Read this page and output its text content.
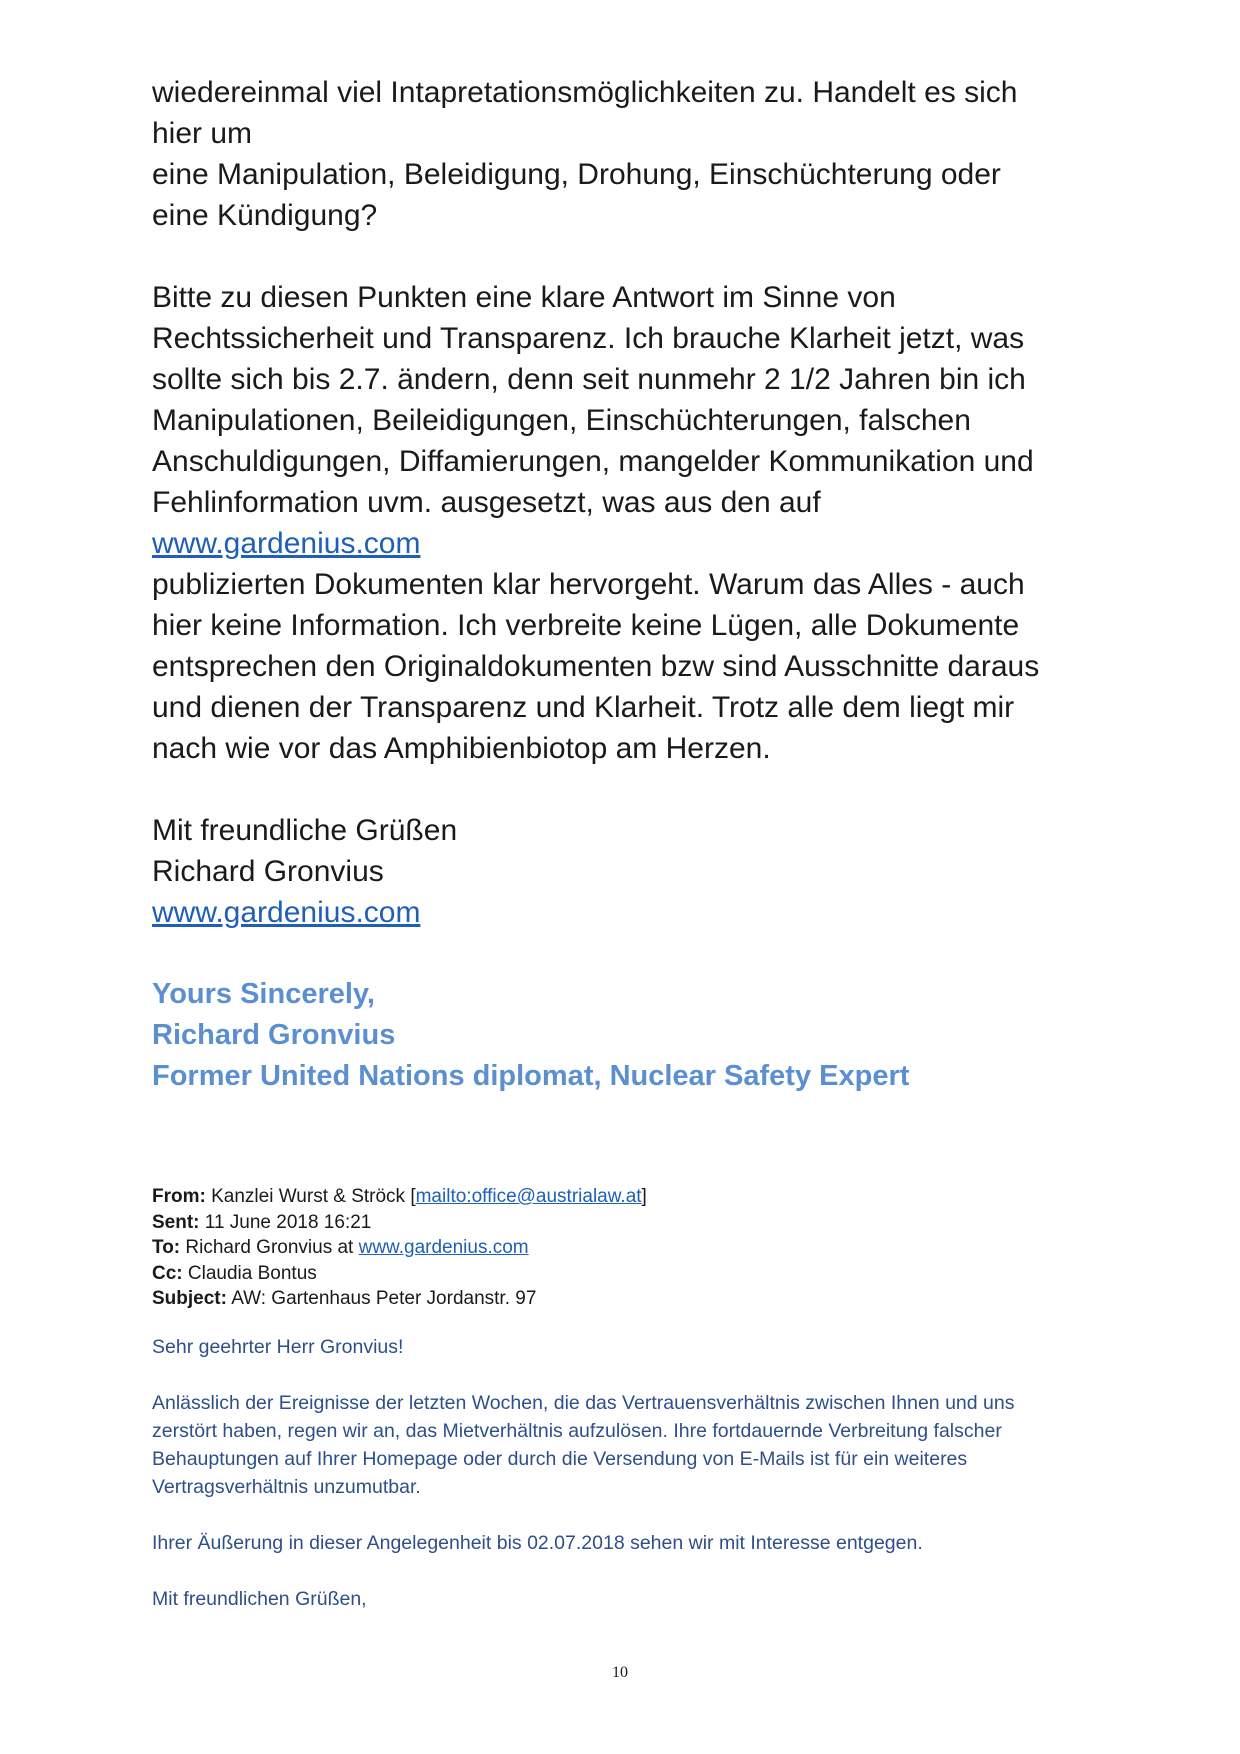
wiedereinmal viel Intapretationsmöglichkeiten zu. Handelt es sich
hier um
eine Manipulation, Beleidigung, Drohung, Einschüchterung oder
eine Kündigung?

Bitte zu diesen Punkten eine klare Antwort im Sinne von
Rechtssicherheit und Transparenz. Ich brauche Klarheit jetzt, was
sollte sich bis 2.7. ändern, denn seit nunmehr 2 1/2 Jahren bin ich
Manipulationen, Beileidigungen, Einschüchterungen, falschen
Anschuldigungen, Diffamierungen, mangelder Kommunikation und
Fehlinformation uvm. ausgesetzt, was aus den auf
www.gardenius.com
publizierten Dokumenten klar hervorgeht. Warum das Alles - auch
hier keine Information. Ich verbreite keine Lügen, alle Dokumente
entsprechen den Originaldokumenten bzw sind Ausschnitte daraus
und dienen der Transparenz und Klarheit. Trotz alle dem liegt mir
nach wie vor das Amphibienbiotop am Herzen.

Mit freundliche Grüßen
Richard Gronvius
www.gardenius.com

Yours Sincerely,
Richard Gronvius
Former United Nations diplomat, Nuclear Safety Expert
From: Kanzlei Wurst & Ströck [mailto:office@austrialaw.at]
Sent: 11 June 2018 16:21
To: Richard Gronvius at www.gardenius.com
Cc: Claudia Bontus
Subject: AW: Gartenhaus Peter Jordanstr. 97

Sehr geehrter Herr Gronvius!

Anlässlich der Ereignisse der letzten Wochen, die das Vertrauensverhältnis zwischen Ihnen und uns
zerstört haben, regen wir an, das Mietverhältnis aufzulösen. Ihre fortdauernde Verbreitung falscher
Behauptungen auf Ihrer Homepage oder durch die Versendung von E-Mails ist für ein weiteres
Vertragsverhältnis unzumutbar.

Ihrer Äußerung in dieser Angelegenheit bis 02.07.2018 sehen wir mit Interesse entgegen.

Mit freundlichen Grüßen,

10
